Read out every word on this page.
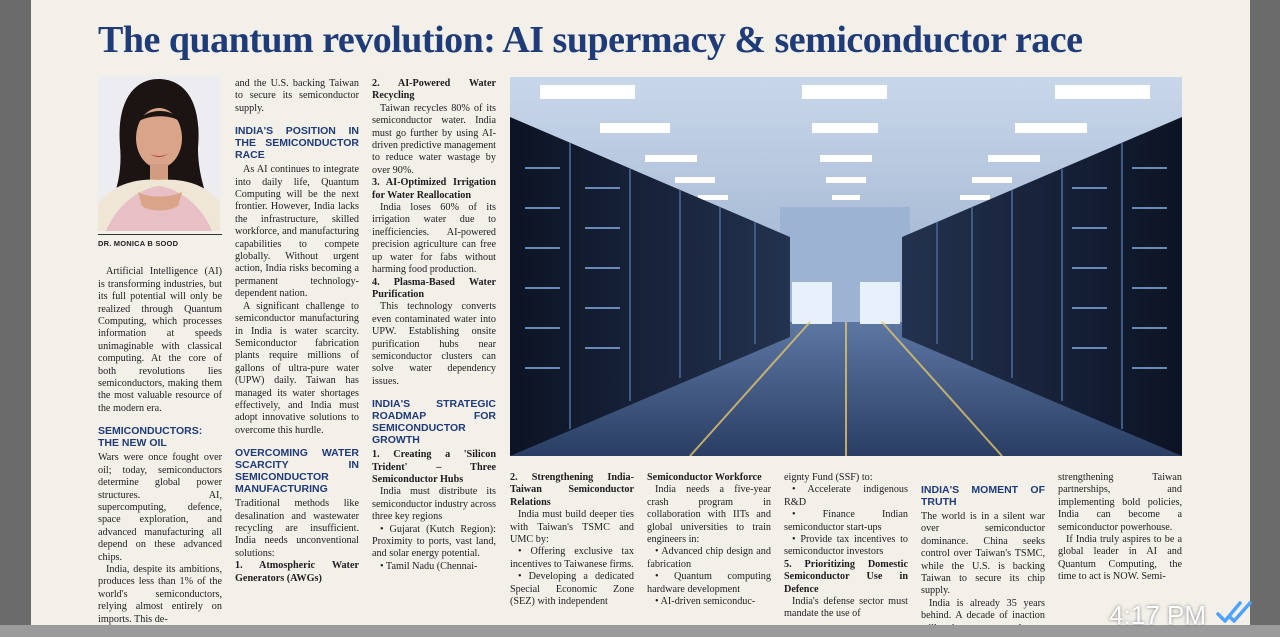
The quantum revolution: AI supermacy & semiconductor race
DR. MONICA B SOOD

Artificial Intelligence (AI) is transforming industries, but its full potential will only be realized through Quantum Computing, which processes information at speeds unimaginable with classical computing. At the core of both revolutions lies semiconductors, making them the most valuable resource of the modern era.

SEMICONDUCTORS: THE NEW OIL

Wars were once fought over oil; today, semiconductors determine global power structures. AI, supercomputing, defence, space exploration, and advanced manufacturing all depend on these advanced chips.

India, despite its ambitions, produces less than 1% of the world's semiconductors, relying almost entirely on imports. This de-

and the U.S. backing Taiwan to secure its semiconductor supply.

INDIA'S POSITION IN THE SEMICONDUCTOR RACE

As AI continues to integrate into daily life, Quantum Computing will be the next frontier. However, India lacks the infrastructure, skilled workforce, and manufacturing capabilities to compete globally. Without urgent action, India risks becoming a permanent technology-dependent nation.

A significant challenge to semiconductor manufacturing in India is water scarcity. Semiconductor fabrication plants require millions of gallons of ultra-pure water (UPW) daily. Taiwan has managed its water shortages effectively, and India must adopt innovative solutions to overcome this hurdle.

OVERCOMING WATER SCARCITY IN SEMICONDUCTOR MANUFACTURING

Traditional methods like desalination and wastewater recycling are insufficient. India needs unconventional solutions:

1. Atmospheric Water Generators (AWGs)

2. AI-Powered Water Recycling

Taiwan recycles 80% of its semiconductor water. India must go further by using AI-driven predictive management to reduce water wastage by over 90%.

3. AI-Optimized Irrigation for Water Reallocation

India loses 60% of its irrigation water due to inefficiencies. AI-powered precision agriculture can free up water for fabs without harming food production.

4. Plasma-Based Water Purification

This technology converts even contaminated water into UPW. Establishing onsite purification hubs near semiconductor clusters can solve water dependency issues.

INDIA'S STRATEGIC ROADMAP FOR SEMICONDUCTOR GROWTH

1. Creating a 'Silicon Trident' – Three Semiconductor Hubs

India must distribute its semiconductor industry across three key regions

• Gujarat (Kutch Region): Proximity to ports, vast land, and solar energy potential.

• Tamil Nadu (Chennai-

2. Strengthening India-Taiwan Semiconductor Relations

India must build deeper ties with Taiwan's TSMC and UMC by:

• Offering exclusive tax incentives to Taiwanese firms.

• Developing a dedicated Special Economic Zone (SEZ) with independent

Semiconductor Workforce

India needs a five-year crash program in collaboration with IITs and global universities to train engineers in:

• Advanced chip design and fabrication

• Quantum computing hardware development

• AI-driven semiconduc-

eignty Fund (SSF) to:

• Accelerate indigenous R&D

• Finance Indian semiconductor start-ups

• Provide tax incentives to semiconductor investors

5. Prioritizing Domestic Semiconductor Use in Defence

India's defense sector must mandate the use of

INDIA'S MOMENT OF TRUTH

The world is in a silent war over semiconductor dominance. China seeks control over Taiwan's TSMC, while the U.S. is backing Taiwan to secure its chip supply.

India is already 35 years behind. A decade of inaction

strengthening Taiwan partnerships, and implementing bold policies, India can become a semiconductor powerhouse.

If India truly aspires to be a global leader in AI and Quantum Computing, the time to act is NOW. Semi-

4:17 PM
